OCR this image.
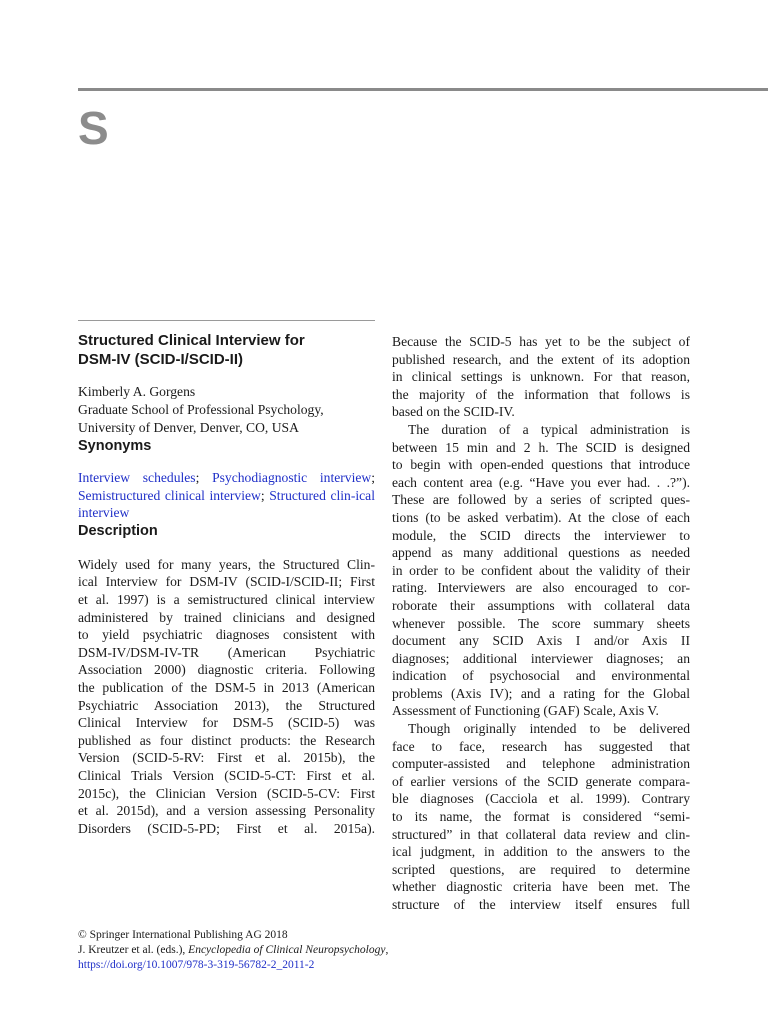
S
Structured Clinical Interview for
DSM-IV (SCID-I/SCID-II)
Kimberly A. Gorgens
Graduate School of Professional Psychology,
University of Denver, Denver, CO, USA
Synonyms
Interview schedules; Psychodiagnostic interview; Semistructured clinical interview; Structured clin-ical interview
Description
Widely used for many years, the Structured Clin-
ical Interview for DSM-IV (SCID-I/SCID-II; First
et al. 1997) is a semistructured clinical interview
administered by trained clinicians and designed
to yield psychiatric diagnoses consistent with
DSM-IV/DSM-IV-TR (American Psychiatric
Association 2000) diagnostic criteria. Following
the publication of the DSM-5 in 2013 (American
Psychiatric Association 2013), the Structured
Clinical Interview for DSM-5 (SCID-5) was
published as four distinct products: the Research
Version (SCID-5-RV: First et al. 2015b), the
Clinical Trials Version (SCID-5-CT: First et al.
2015c), the Clinician Version (SCID-5-CV: First
et al. 2015d), and a version assessing Personality
Disorders (SCID-5-PD; First et al. 2015a).
Because the SCID-5 has yet to be the subject of
published research, and the extent of its adoption
in clinical settings is unknown. For that reason,
the majority of the information that follows is
based on the SCID-IV.
The duration of a typical administration is
between 15 min and 2 h. The SCID is designed
to begin with open-ended questions that introduce
each content area (e.g. “Have you ever had. . .?”).
These are followed by a series of scripted ques-
tions (to be asked verbatim). At the close of each
module, the SCID directs the interviewer to
append as many additional questions as needed
in order to be confident about the validity of their
rating. Interviewers are also encouraged to cor-
roborate their assumptions with collateral data
whenever possible. The score summary sheets
document any SCID Axis I and/or Axis II
diagnoses; additional interviewer diagnoses; an
indication of psychosocial and environmental
problems (Axis IV); and a rating for the Global
Assessment of Functioning (GAF) Scale, Axis V.
Though originally intended to be delivered
face to face, research has suggested that
computer-assisted and telephone administration
of earlier versions of the SCID generate compara-
ble diagnoses (Cacciola et al. 1999). Contrary
to its name, the format is considered “semi-
structured” in that collateral data review and clin-
ical judgment, in addition to the answers to the
scripted questions, are required to determine
whether diagnostic criteria have been met. The
structure of the interview itself ensures full
© Springer International Publishing AG 2018
J. Kreutzer et al. (eds.), Encyclopedia of Clinical Neuropsychology,
https://doi.org/10.1007/978-3-319-56782-2_2011-2
